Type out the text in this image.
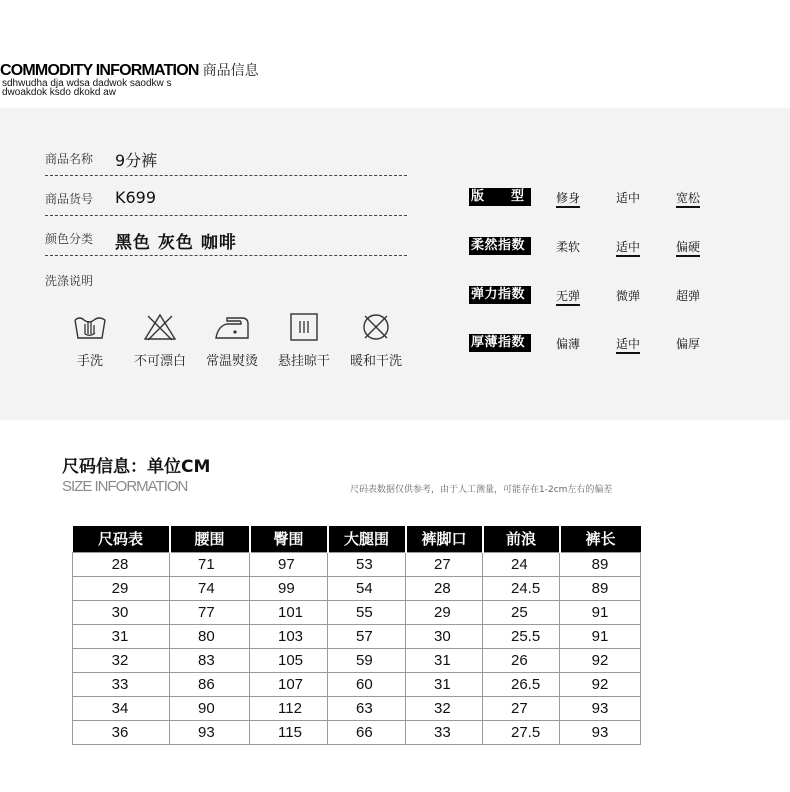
COMMODITY INFORMATION 商品信息
sdhwudha dja wdsa dadwok saodkw s
dwoakdok ksdo dkokd aw
商品名称 9分裤
商品货号 K699
颜色分类 黑色 灰色 咖啡
洗涤说明
手洗	不可漂白	常温熨烫	悬挂晾干	暖和干洗
版型 修身	适中	宽松
柔然指数	柔软	适中	偏硬
弹力指数	无弹	微弹	超弹
厚薄指数	偏薄	适中	偏厚
尺码信息：单位CM
SIZE INFORMATION	尺码表数据仅供参考，由于人工测量，可能存在1-2cm左右的偏差
尺码表	腰围	臀围	大腿围	裤脚口	前浪	裤长
28	71	97	53	27	24	89
29	74	99	54	28	24.5	89
30	77	101	55	29	25	91
31	80	103	57	30	25.5	91
32	83	105	59	31	26	92
33	86	107	60	31	26.5	92
34	90	112	63	32	27	93
36	93	115	66	33	27.5	93
